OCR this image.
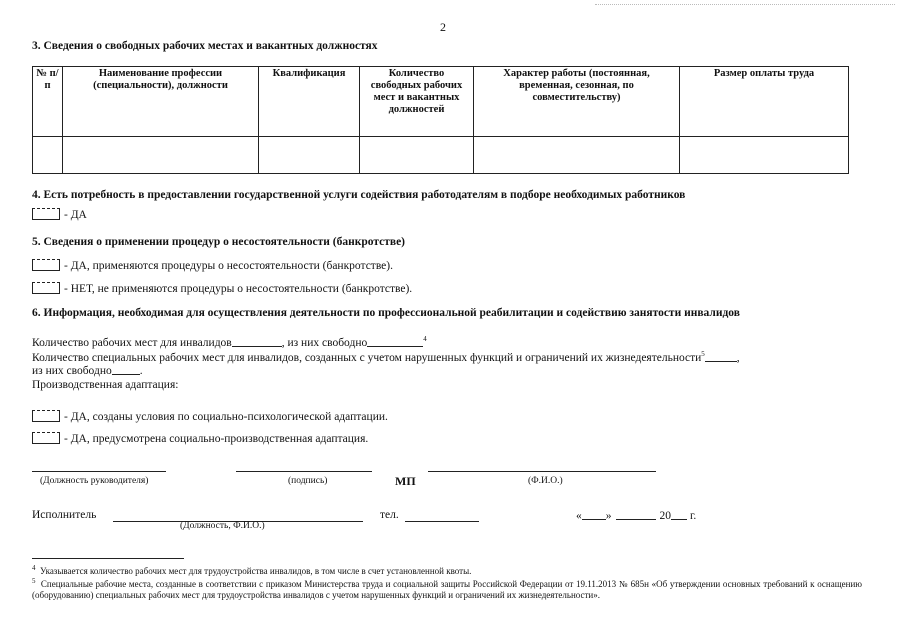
2
3. Сведения о свободных рабочих местах и вакантных должностях
№ п/п	Наименование профессии (специальности), должности	Квалификация	Количество свободных рабочих мест и вакантных должностей	Характер работы (постоянная, временная, сезонная, по совместительству)	Размер оплаты труда

4. Есть потребность в предоставлении государственной услуги содействия работодателям в подборе необходимых работников
- ДА
5. Сведения о применении процедур о несостоятельности (банкротстве)
- ДА, применяются процедуры о несостоятельности (банкротстве).
- НЕТ, не применяются процедуры о несостоятельности (банкротстве).
6. Информация, необходимая для осуществления деятельности по профессиональной реабилитации и содействию занятости инвалидов
Количество рабочих мест для инвалидов	, из них свободно	$^4$
Количество специальных рабочих мест для инвалидов, созданных с учетом нарушенных функций и ограничений их жизнедеятельности$^5$	,
из них свободно .
Производственная адаптация:
- ДА, созданы условия по социально-психологической адаптации.
- ДА, предусмотрена социально-производственная адаптация.
(Должность руководителя)	(подпись)	МП	(Ф.И.О.)
Исполнитель
(Должность, Ф.И.О.)
тел.	« »	20 г.
$^4$ Указывается количество рабочих мест для трудоустройства инвалидов, в том числе в счет установленной квоты.
$^5$ Специальные рабочие места, созданные в соответствии с приказом Министерства труда и социальной защиты Российской Федерации от 19.11.2013 № 685н «Об утверждении основных требований к оснащению (оборудованию) специальных рабочих мест для трудоустройства инвалидов с учетом нарушенных функций и ограничений их жизнедеятельности».
